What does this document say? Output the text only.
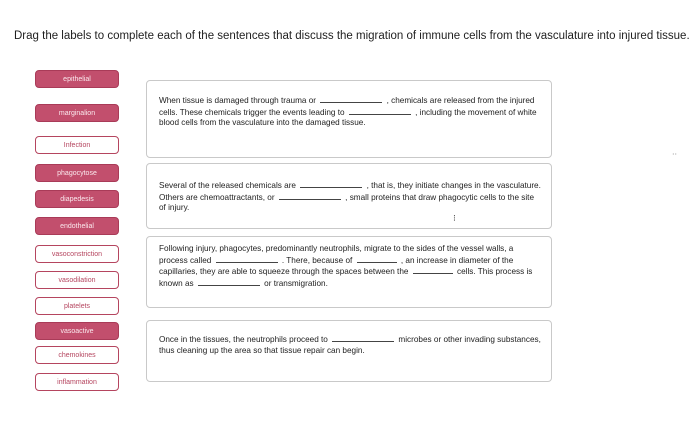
Drag the labels to complete each of the sentences that discuss the migration of immune cells from the vasculature into injured tissue.
epithelial
marginalion
Infection
phagocytose
diapedesis
endothelial
vasoconstriction
vasodilation
platelets
vasoactive
chemokines
inflammation
When tissue is damaged through trauma or	, chemicals are released from the injured cells. These chemicals trigger the events leading to	, including the movement of white blood cells from the vasculature into the damaged tissue.
Several of the released chemicals are	, that is, they initiate changes in the vasculature. Others are chemoattractants, or	, small proteins that draw phagocytic cells to the site of injury.
⁝
Following injury, phagocytes, predominantly neutrophils, migrate to the sides of the vessel walls, a process called	. There, because of	, an increase in diameter of the capillaries, they are able to squeeze through the spaces between the	cells. This process is known as	or transmigration.
Once in the tissues, the neutrophils proceed to	microbes or other invading substances, thus cleaning up the area so that tissue repair can begin.
⋅⋅
